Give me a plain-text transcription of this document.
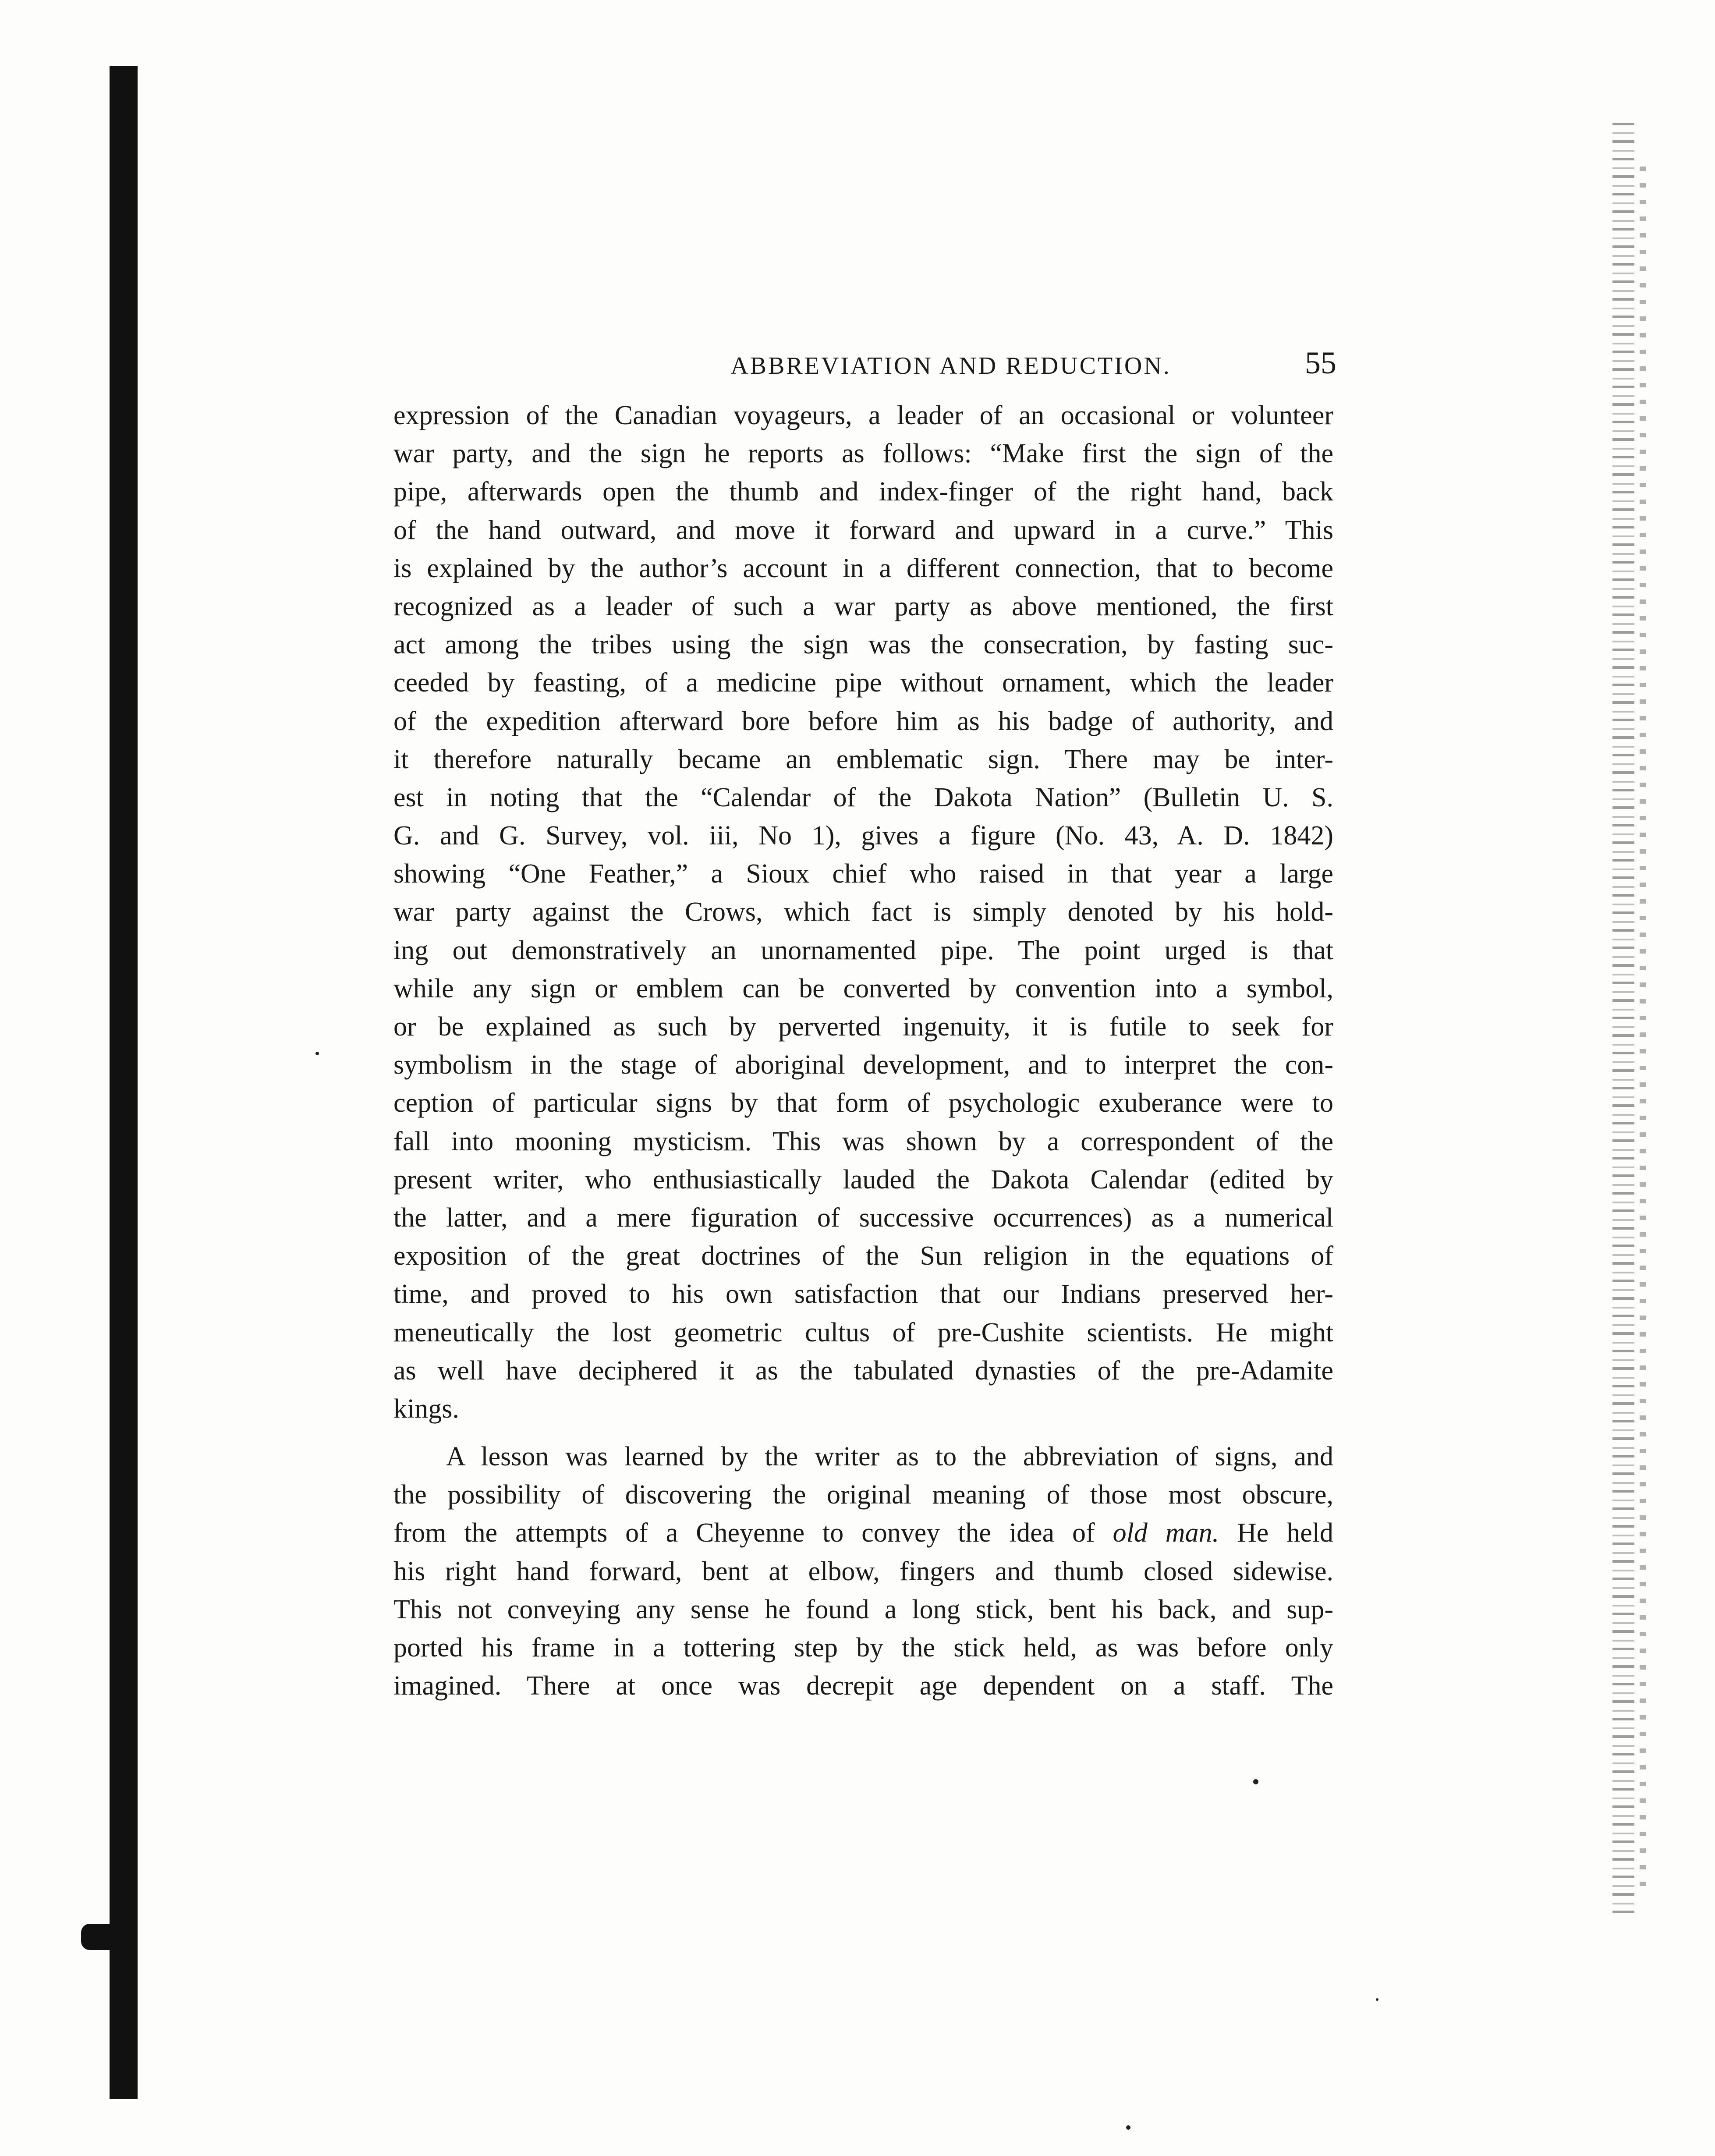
ABBREVIATION AND REDUCTION.	55
expression of the Canadian voyageurs, a leader of an occasional or volunteer
war party, and the sign he reports as follows: “Make first the sign of the
pipe, afterwards open the thumb and index-finger of the right hand, back
of the hand outward, and move it forward and upward in a curve.” This
is explained by the author’s account in a different connection, that to become
recognized as a leader of such a war party as above mentioned, the first
act among the tribes using the sign was the consecration, by fasting suc-
ceeded by feasting, of a medicine pipe without ornament, which the leader
of the expedition afterward bore before him as his badge of authority, and
it therefore naturally became an emblematic sign. There may be inter-
est in noting that the “Calendar of the Dakota Nation” (Bulletin U. S.
G. and G. Survey, vol. iii, No 1), gives a figure (No. 43, A. D. 1842)
showing “One Feather,” a Sioux chief who raised in that year a large
war party against the Crows, which fact is simply denoted by his hold-
ing out demonstratively an unornamented pipe. The point urged is that
while any sign or emblem can be converted by convention into a symbol,
or be explained as such by perverted ingenuity, it is futile to seek for
symbolism in the stage of aboriginal development, and to interpret the con-
ception of particular signs by that form of psychologic exuberance were to
fall into mooning mysticism. This was shown by a correspondent of the
present writer, who enthusiastically lauded the Dakota Calendar (edited by
the latter, and a mere figuration of successive occurrences) as a numerical
exposition of the great doctrines of the Sun religion in the equations of
time, and proved to his own satisfaction that our Indians preserved her-
meneutically the lost geometric cultus of pre-Cushite scientists. He might
as well have deciphered it as the tabulated dynasties of the pre-Adamite
kings.
A lesson was learned by the writer as to the abbreviation of signs, and
the possibility of discovering the original meaning of those most obscure,
from the attempts of a Cheyenne to convey the idea of old man. He held
his right hand forward, bent at elbow, fingers and thumb closed sidewise.
This not conveying any sense he found a long stick, bent his back, and sup-
ported his frame in a tottering step by the stick held, as was before only
imagined. There at once was decrepit age dependent on a staff. The
